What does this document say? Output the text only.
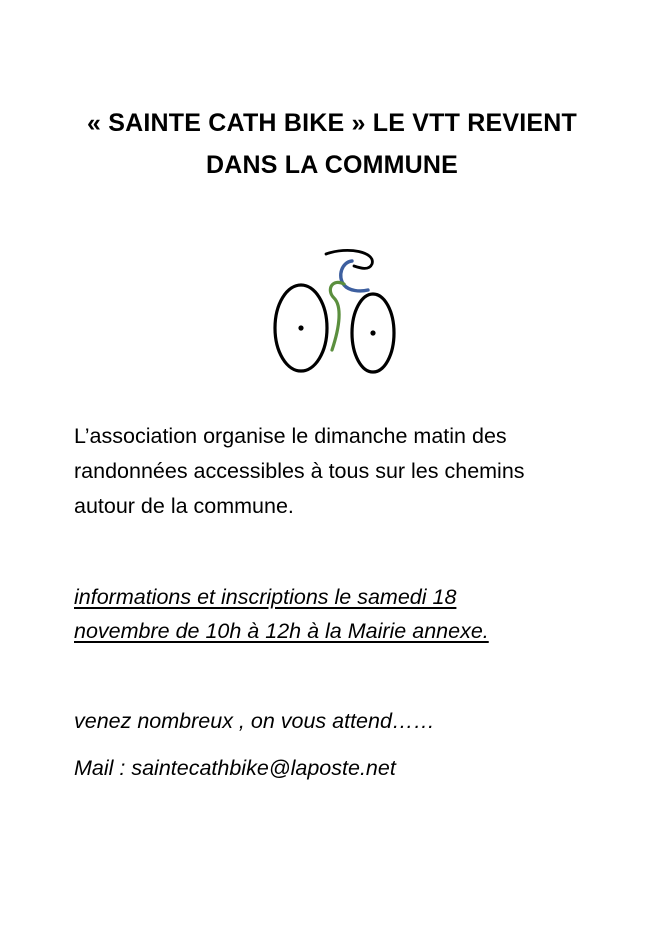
« SAINTE CATH BIKE » LE VTT REVIENT
DANS LA COMMUNE
L’association organise le dimanche matin des
randonnées accessibles à tous sur les chemins
autour de la commune.
informations et inscriptions le samedi 18
novembre de 10h à 12h à la Mairie annexe.
venez nombreux , on vous attend……
Mail : saintecathbike@laposte.net
